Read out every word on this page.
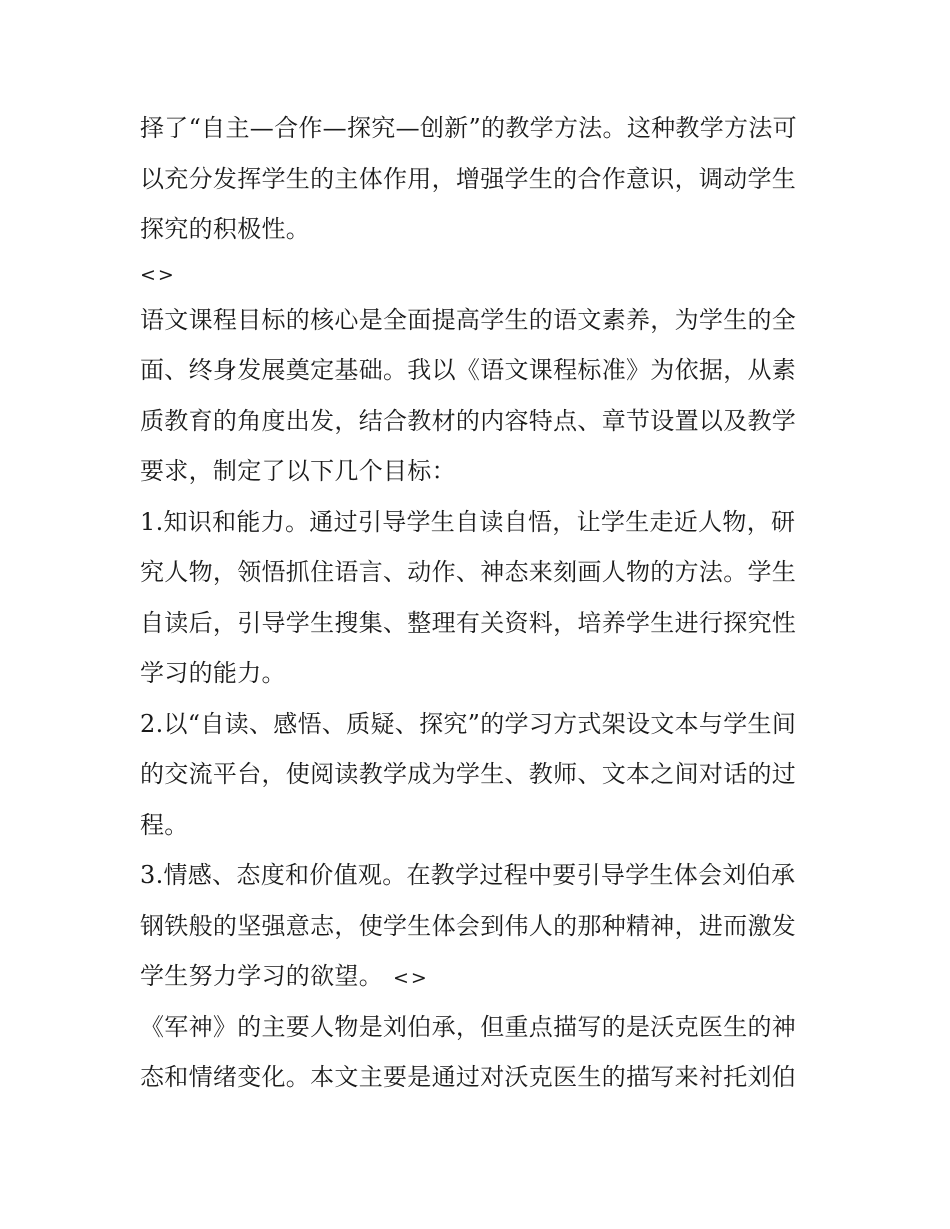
择了“自主—合作—探究—创新”的教学方法。这种教学方法可
以充分发挥学生的主体作用，增强学生的合作意识，调动学生
探究的积极性。
<>
语文课程目标的核心是全面提高学生的语文素养，为学生的全
面、终身发展奠定基础。我以《语文课程标准》为依据，从素
质教育的角度出发，结合教材的内容特点、章节设置以及教学
要求，制定了以下几个目标：
1.知识和能力。通过引导学生自读自悟，让学生走近人物，研
究人物，领悟抓住语言、动作、神态来刻画人物的方法。学生
自读后，引导学生搜集、整理有关资料，培养学生进行探究性
学习的能力。
2.以“自读、感悟、质疑、探究”的学习方式架设文本与学生间
的交流平台，使阅读教学成为学生、教师、文本之间对话的过
程。
3.情感、态度和价值观。在教学过程中要引导学生体会刘伯承
钢铁般的坚强意志，使学生体会到伟人的那种精神，进而激发
学生努力学习的欲望。 <>
《军神》的主要人物是刘伯承，但重点描写的是沃克医生的神
态和情绪变化。本文主要是通过对沃克医生的描写来衬托刘伯
